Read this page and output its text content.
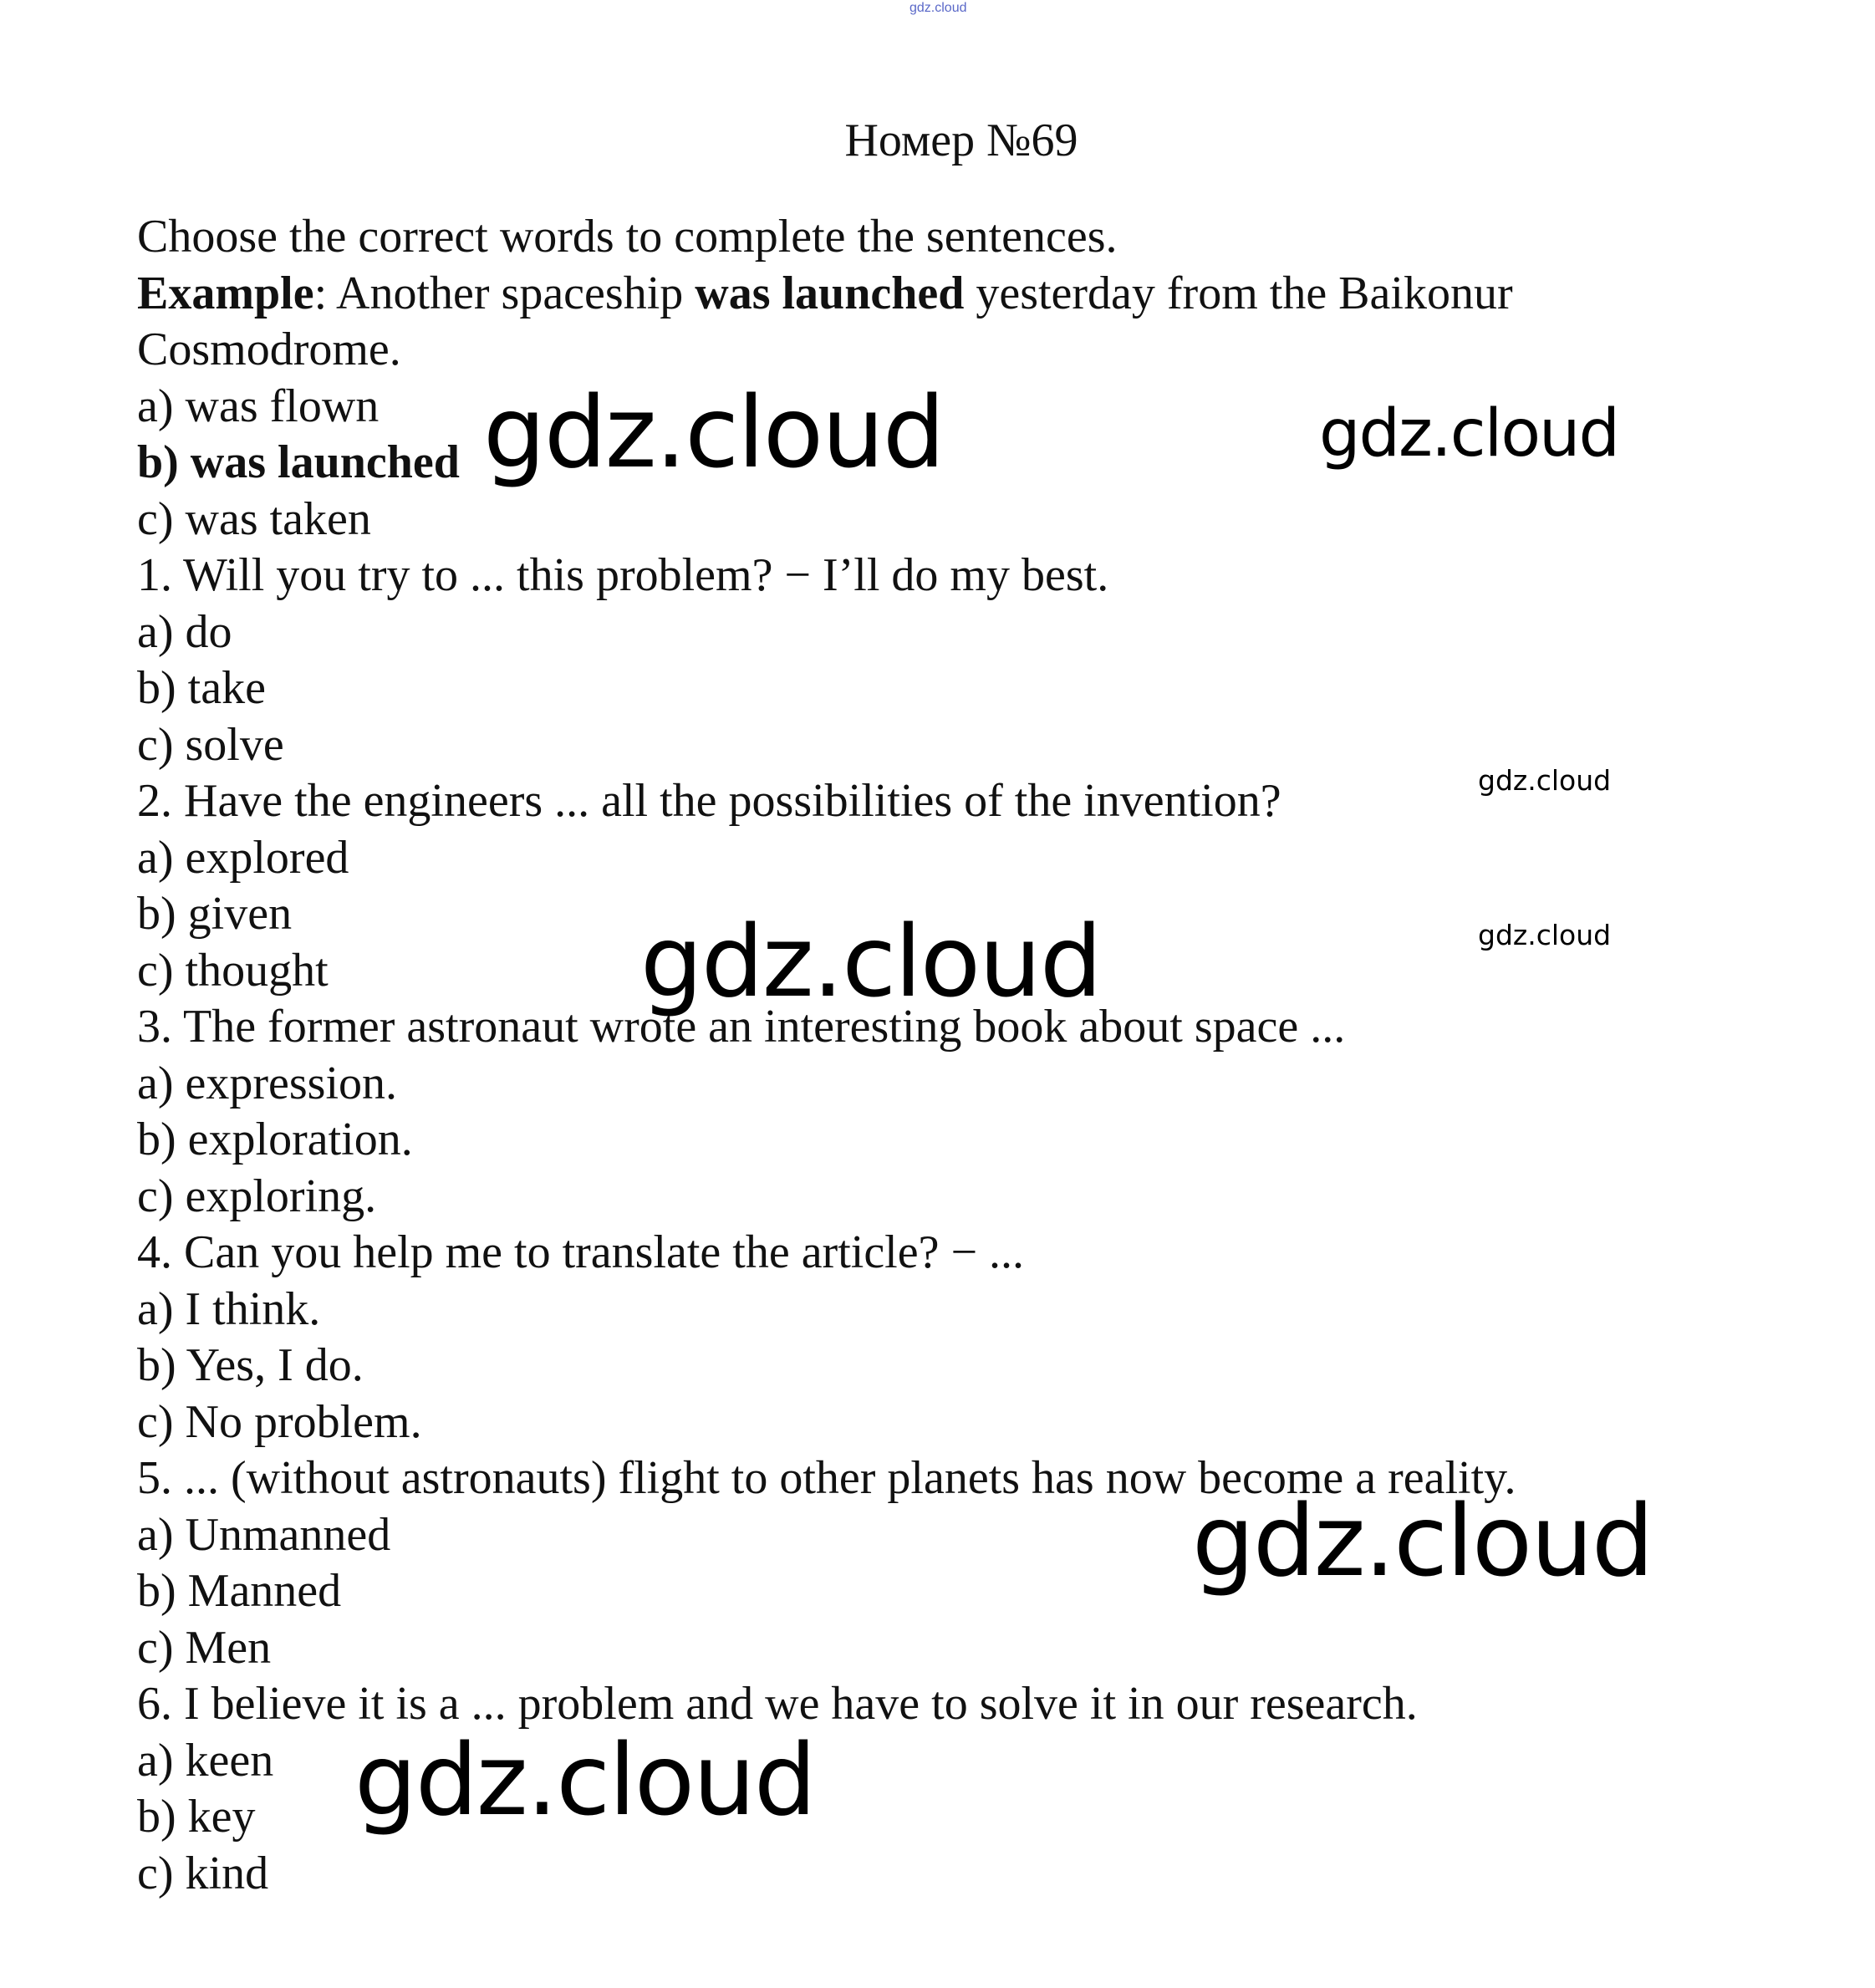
gdz.cloud
Номер №69
Choose the correct words to complete the sentences.
Example: Another spaceship was launched yesterday from the Baikonur Cosmodrome.
a) was flown
b) was launched
c) was taken
1. Will you try to ... this problem? − I’ll do my best.
a) do
b) take
c) solve
2. Have the engineers ... all the possibilities of the invention?
a) explored
b) given
c) thought
3. The former astronaut wrote an interesting book about space ...
a) expression.
b) exploration.
c) exploring.
4. Can you help me to translate the article? − ...
a) I think.
b) Yes, I do.
c) No problem.
5. ... (without astronauts) flight to other planets has now become a reality.
a) Unmanned
b) Manned
c) Men
6. I believe it is a ... problem and we have to solve it in our research.
a) keen
b) key
c) kind
gdz.cloud	gdz.cloud
gdz.cloud
gdz.cloud
gdz.cloud
gdz.cloud
gdz.cloud
